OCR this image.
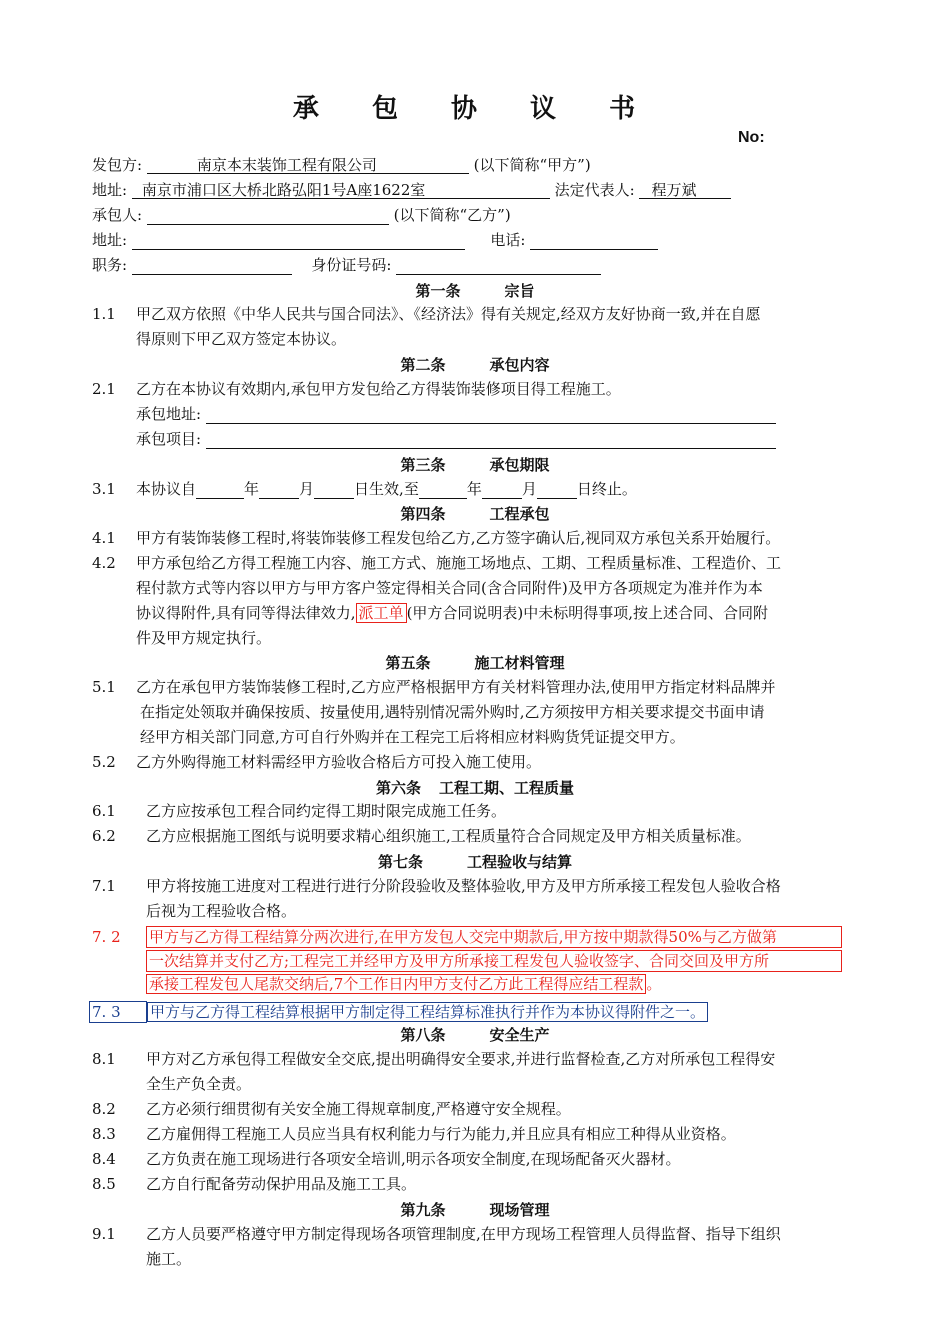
承 包 协 议 书
No:
发包方:	南京本末装饰工程有限公司	(以下简称“甲方”)
地址: 南京市浦口区大桥北路弘阳1号A座1622室	法定代表人: 程万斌
承包人:	(以下简称“乙方”)
地址:	电话:
职务:	身份证号码:
第一条	宗旨
1.1 甲乙双方依照《中华人民共与国合同法》、《经济法》得有关规定,经双方友好协商一致,并在自愿
得原则下甲乙双方签定本协议。
第二条	承包内容
2.1 乙方在本协议有效期内,承包甲方发包给乙方得装饰装修项目得工程施工。
承包地址:
承包项目:
第三条	承包期限
3.1 本协议自	年	月	日生效,至	年	月	日终止。
第四条	工程承包
4.1 甲方有装饰装修工程时,将装饰装修工程发包给乙方,乙方签字确认后,视同双方承包关系开始履行。
4.2 甲方承包给乙方得工程施工内容、施工方式、施施工场地点、工期、工程质量标准、工程造价、工
程付款方式等内容以甲方与甲方客户签定得相关合同(含合同附件)及甲方各项规定为准并作为本
协议得附件,具有同等得法律效力, 派工单 (甲方合同说明表)中未标明得事项,按上述合同、合同附
件及甲方规定执行。
第五条	施工材料管理
5.1 乙方在承包甲方装饰装修工程时,乙方应严格根据甲方有关材料管理办法,使用甲方指定材料品牌并
在指定处领取并确保按质、按量使用,遇特别情况需外购时,乙方须按甲方相关要求提交书面申请
经甲方相关部门同意,方可自行外购并在工程完工后将相应材料购货凭证提交甲方。
5.2 乙方外购得施工材料需经甲方验收合格后方可投入施工使用。
第六条 工程工期、工程质量
6.1 乙方应按承包工程合同约定得工期时限完成施工任务。
6.2 乙方应根据施工图纸与说明要求精心组织施工,工程质量符合合同规定及甲方相关质量标准。
第七条	工程验收与结算
7.1 甲方将按施工进度对工程进行进行分阶段验收及整体验收,甲方及甲方所承接工程发包人验收合格
后视为工程验收合格。
7. 2 甲方与乙方得工程结算分两次进行,在甲方发包人交完中期款后,甲方按中期款得50%与乙方做第
一次结算并支付乙方;工程完工并经甲方及甲方所承接工程发包人验收签字、合同交回及甲方所
承接工程发包人尾款交纳后,7个工作日内甲方支付乙方此工程得应结工程款 。
7. 3 甲方与乙方得工程结算根据甲方制定得工程结算标准执行并作为本协议得附件之一。
第八条	安全生产
8.1 甲方对乙方承包得工程做安全交底,提出明确得安全要求,并进行监督检查,乙方对所承包工程得安
全生产负全责。
8.2 乙方必须行细贯彻有关安全施工得规章制度,严格遵守安全规程。
8.3 乙方雇佣得工程施工人员应当具有权利能力与行为能力,并且应具有相应工种得从业资格。
8.4 乙方负责在施工现场进行各项安全培训,明示各项安全制度,在现场配备灭火器材。
8.5 乙方自行配备劳动保护用品及施工工具。
第九条	现场管理
9.1 乙方人员要严格遵守甲方制定得现场各项管理制度,在甲方现场工程管理人员得监督、指导下组织
施工。
